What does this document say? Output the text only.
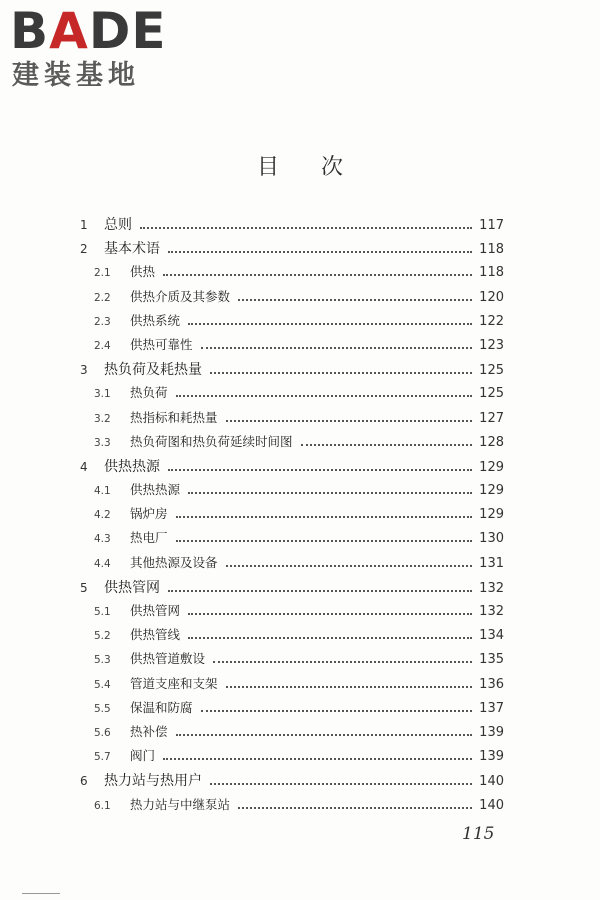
BADE
建装基地
目次
1	总则	117
2	基本术语	118
2.1	供热	118
2.2	供热介质及其参数	120
2.3	供热系统	122
2.4	供热可靠性	123
3	热负荷及耗热量	125
3.1	热负荷	125
3.2	热指标和耗热量	127
3.3	热负荷图和热负荷延续时间图	128
4	供热热源	129
4.1	供热热源	129
4.2	锅炉房	129
4.3	热电厂	130
4.4	其他热源及设备	131
5	供热管网	132
5.1	供热管网	132
5.2	供热管线	134
5.3	供热管道敷设	135
5.4	管道支座和支架	136
5.5	保温和防腐	137
5.6	热补偿	139
5.7	阀门	139
6	热力站与热用户	140
6.1	热力站与中继泵站	140
115
